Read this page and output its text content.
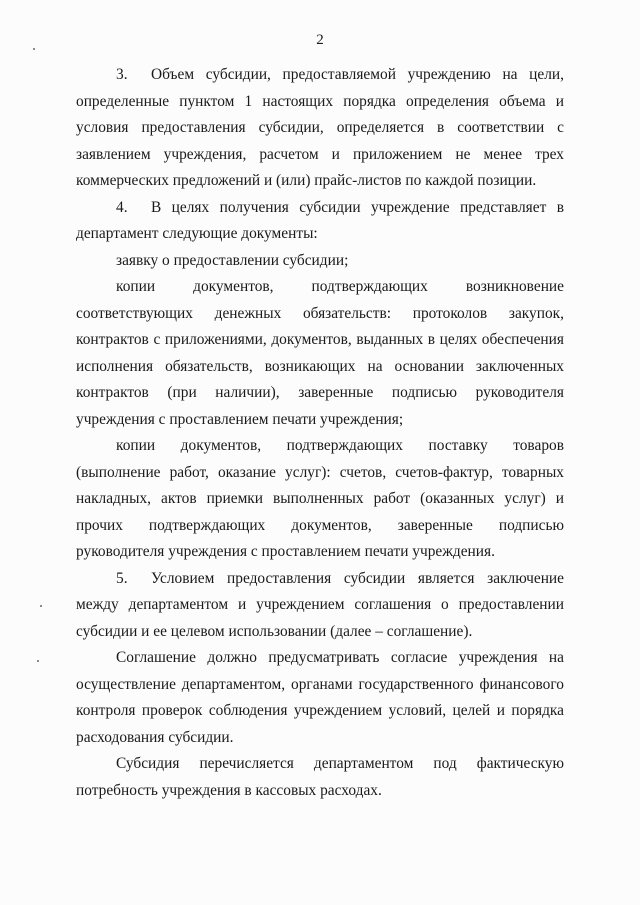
2

3. Объем субсидии, предоставляемой учреждению на цели, определенные пунктом 1 настоящих порядка определения объема и условия предоставления субсидии, определяется в соответствии с заявлением учреждения, расчетом и приложением не менее трех коммерческих предложений и (или) прайс-листов по каждой позиции.

4. В целях получения субсидии учреждение представляет в департамент следующие документы:

заявку о предоставлении субсидии;

копии документов, подтверждающих возникновение соответствующих денежных обязательств: протоколов закупок, контрактов с приложениями, документов, выданных в целях обеспечения исполнения обязательств, возникающих на основании заключенных контрактов (при наличии), заверенные подписью руководителя учреждения с проставлением печати учреждения;

копии документов, подтверждающих поставку товаров (выполнение работ, оказание услуг): счетов, счетов-фактур, товарных накладных, актов приемки выполненных работ (оказанных услуг) и прочих подтверждающих документов, заверенные подписью руководителя учреждения с проставлением печати учреждения.

5. Условием предоставления субсидии является заключение между департаментом и учреждением соглашения о предоставлении субсидии и ее целевом использовании (далее – соглашение).

Соглашение должно предусматривать согласие учреждения на осуществление департаментом, органами государственного финансового контроля проверок соблюдения учреждением условий, целей и порядка расходования субсидии.

Субсидия перечисляется департаментом под фактическую потребность учреждения в кассовых расходах.
